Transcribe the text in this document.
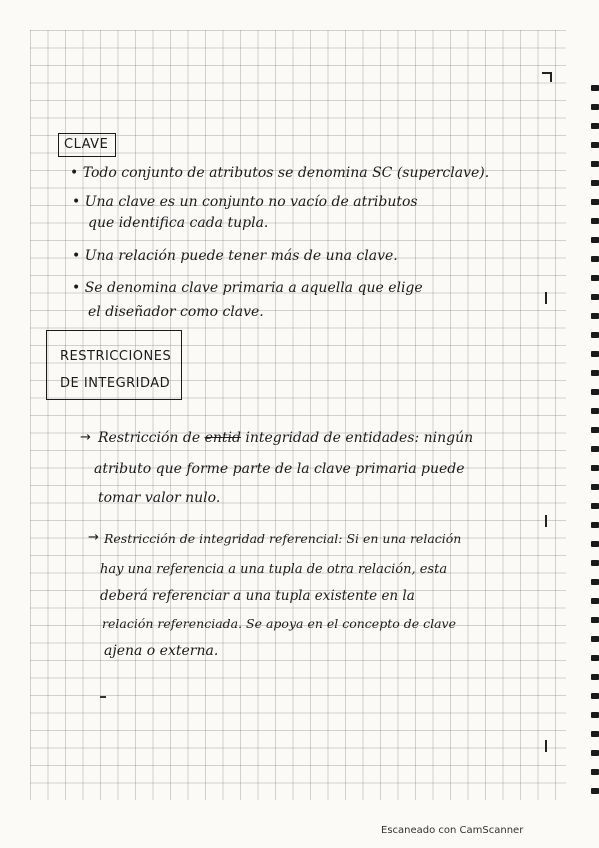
CLAVE
• Todo conjunto de atributos se denomina SC (superclave).
• Una clave es un conjunto no vacío de atributos
que identifica cada tupla.
• Una relación puede tener más de una clave.
• Se denomina clave primaria a aquella que elige
el diseñador como clave.
RESTRICCIONES
DE INTEGRIDAD
→ Restricción de entid integridad de entidades: ningún
atributo que forme parte de la clave primaria puede
tomar valor nulo.
→ Restricción de integridad referencial: Si en una relación
hay una referencia a una tupla de otra relación, esta
deberá referenciar a una tupla existente en la
relación referenciada. Se apoya en el concepto de clave
ajena o externa.
Escaneado con CamScanner
